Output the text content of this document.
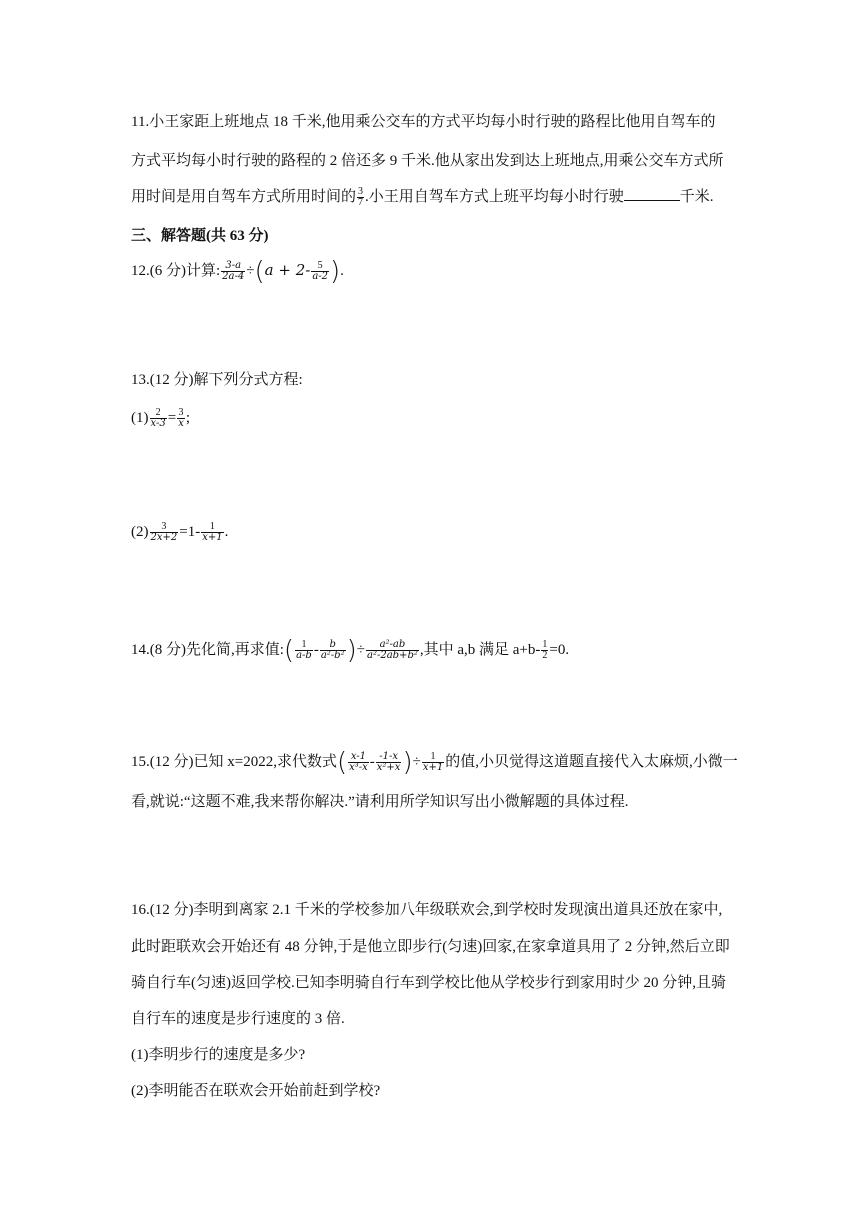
11.小王家距上班地点 18 千米,他用乘公交车的方式平均每小时行驶的路程比他用自驾车的
方式平均每小时行驶的路程的 2 倍还多 9 千米.他从家出发到达上班地点,用乘公交车方式所
用时间是用自驾车方式所用时间的 $\frac{3}{7}$ .小王用自驾车方式上班平均每小时行驶	千米.
三、解答题(共 63 分)
12.(6 分)计算: $\frac{3-a}{2a-4} \div(a + 2- \frac{5}{a-2}$ ).
13.(12 分)解下列分式方程:
$(1) \frac{2}{x-3} = \frac{3}{x}$ ;
$(2) \frac{3}{2x+2} =1- \frac{1}{x+1}$ .
14.(8 分)先化简,再求值:( $\frac{1}{a-b} - \frac{b}{\text{a²-b²}}$ )÷ $\frac{\text{a²-ab}}{\text{a²-2ab+b²}}$ ,其中 a,b 满足 $a+b- \frac{1}{2} =0$.
15.(12 分)已知 x=2022,求代数式( $\frac{x-1}{\text{x³-x}} - \frac{-1-x}{\text{x²+x}}$ )÷ $\frac{1}{x+1}$ 的值,小贝觉得这道题直接代入太麻烦,小微一
看,就说:“这题不难,我来帮你解决.”请利用所学知识写出小微解题的具体过程.
16.(12 分)李明到离家 2.1 千米的学校参加八年级联欢会,到学校时发现演出道具还放在家中,
此时距联欢会开始还有 48 分钟,于是他立即步行(匀速)回家,在家拿道具用了 2 分钟,然后立即
骑自行车(匀速)返回学校.已知李明骑自行车到学校比他从学校步行到家用时少 20 分钟,且骑
自行车的速度是步行速度的 3 倍.
(1)李明步行的速度是多少?
(2)李明能否在联欢会开始前赶到学校?
